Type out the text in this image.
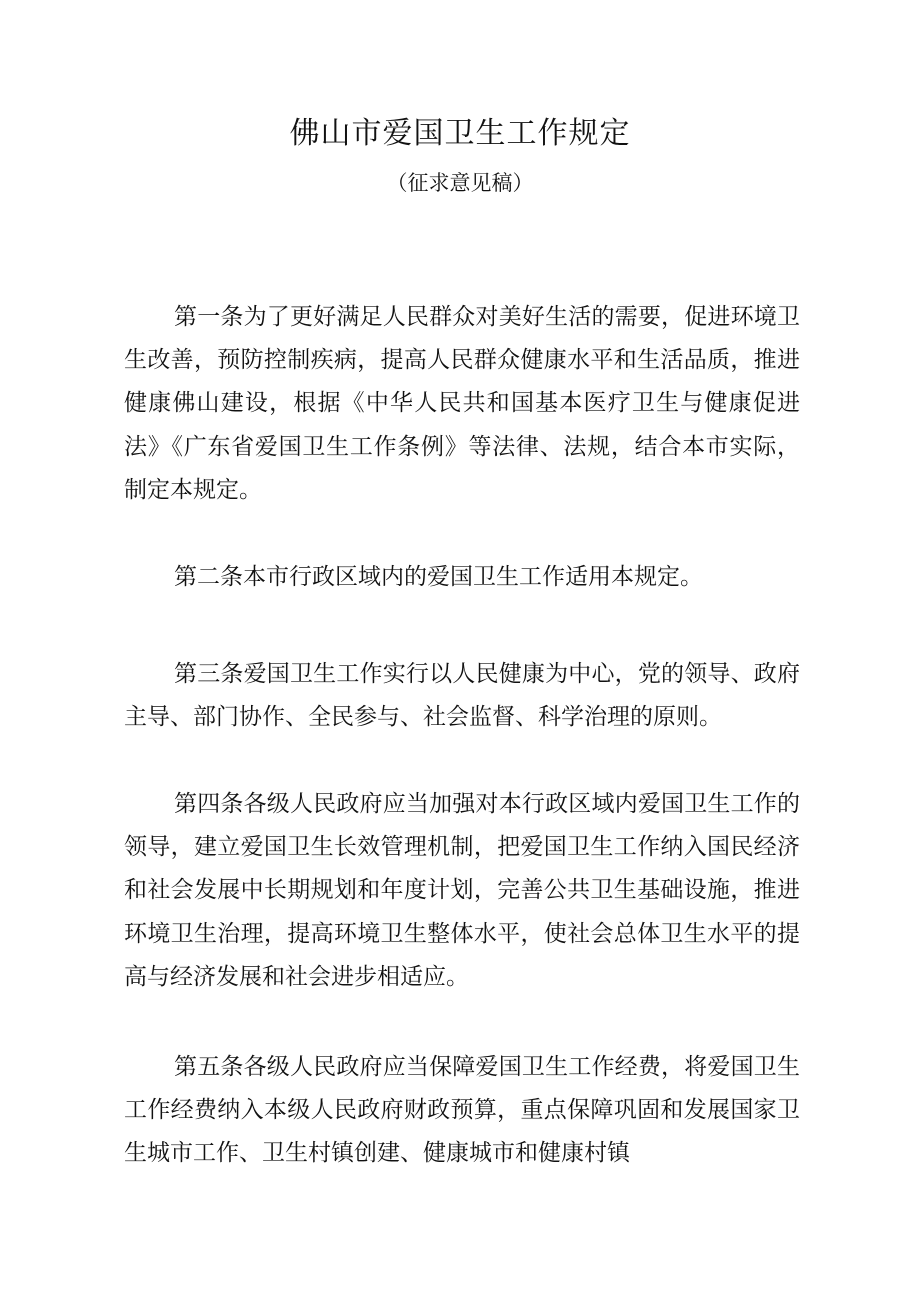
佛山市爱国卫生工作规定

（征求意见稿）

第一条为了更好满足人民群众对美好生活的需要，促进环境卫生改善，预防控制疾病，提高人民群众健康水平和生活品质，推进健康佛山建设，根据《中华人民共和国基本医疗卫生与健康促进法》《广东省爱国卫生工作条例》等法律、法规，结合本市实际，制定本规定。

第二条本市行政区域内的爱国卫生工作适用本规定。

第三条爱国卫生工作实行以人民健康为中心，党的领导、政府主导、部门协作、全民参与、社会监督、科学治理的原则。

第四条各级人民政府应当加强对本行政区域内爱国卫生工作的领导，建立爱国卫生长效管理机制，把爱国卫生工作纳入国民经济和社会发展中长期规划和年度计划，完善公共卫生基础设施，推进环境卫生治理，提高环境卫生整体水平，使社会总体卫生水平的提高与经济发展和社会进步相适应。

第五条各级人民政府应当保障爱国卫生工作经费，将爱国卫生工作经费纳入本级人民政府财政预算，重点保障巩固和发展国家卫生城市工作、卫生村镇创建、健康城市和健康村镇
